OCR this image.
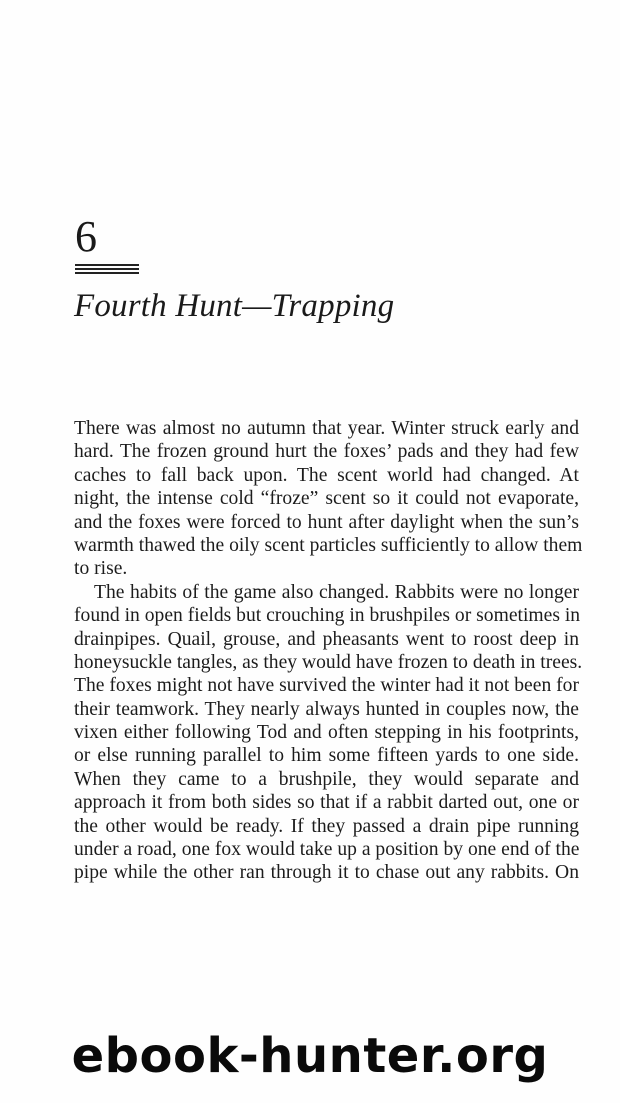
6
Fourth Hunt—Trapping
There was almost no autumn that year. Winter struck early and
hard. The frozen ground hurt the foxes’ pads and they had few
caches to fall back upon. The scent world had changed. At
night, the intense cold “froze” scent so it could not evaporate,
and the foxes were forced to hunt after daylight when the sun’s
warmth thawed the oily scent particles sufficiently to allow them
to rise.
The habits of the game also changed. Rabbits were no longer
found in open fields but crouching in brushpiles or sometimes in
drainpipes. Quail, grouse, and pheasants went to roost deep in
honeysuckle tangles, as they would have frozen to death in trees.
The foxes might not have survived the winter had it not been for
their teamwork. They nearly always hunted in couples now, the
vixen either following Tod and often stepping in his footprints,
or else running parallel to him some fifteen yards to one side.
When they came to a brushpile, they would separate and
approach it from both sides so that if a rabbit darted out, one or
the other would be ready. If they passed a drain pipe running
under a road, one fox would take up a position by one end of the
pipe while the other ran through it to chase out any rabbits. On
ebook-hunter.org
